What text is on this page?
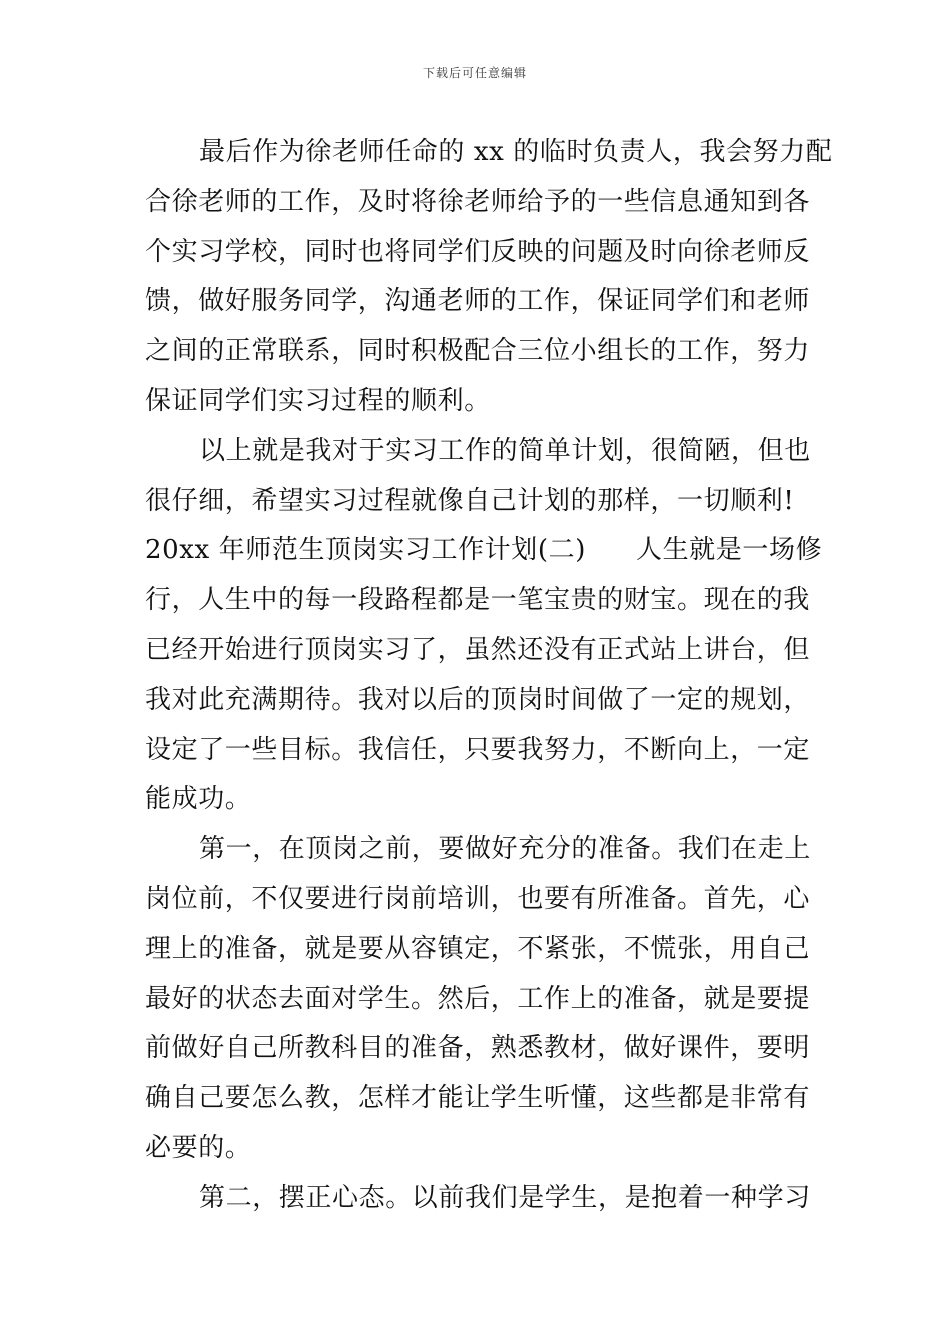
下载后可任意编辑
最后作为徐老师任命的 xx 的临时负责人，我会努力配
合徐老师的工作，及时将徐老师给予的一些信息通知到各
个实习学校，同时也将同学们反映的问题及时向徐老师反
馈，做好服务同学，沟通老师的工作，保证同学们和老师
之间的正常联系，同时积极配合三位小组长的工作，努力
保证同学们实习过程的顺利。
以上就是我对于实习工作的简单计划，很简陋，但也
很仔细，希望实习过程就像自己计划的那样，一切顺利!
20xx 年师范生顶岗实习工作计划(二) 人生就是一场修
行，人生中的每一段路程都是一笔宝贵的财宝。现在的我
已经开始进行顶岗实习了，虽然还没有正式站上讲台，但
我对此充满期待。我对以后的顶岗时间做了一定的规划，
设定了一些目标。我信任，只要我努力，不断向上，一定
能成功。
第一，在顶岗之前，要做好充分的准备。我们在走上
岗位前，不仅要进行岗前培训，也要有所准备。首先，心
理上的准备，就是要从容镇定，不紧张，不慌张，用自己
最好的状态去面对学生。然后，工作上的准备，就是要提
前做好自己所教科目的准备，熟悉教材，做好课件，要明
确自己要怎么教，怎样才能让学生听懂，这些都是非常有
必要的。
第二，摆正心态。以前我们是学生，是抱着一种学习
